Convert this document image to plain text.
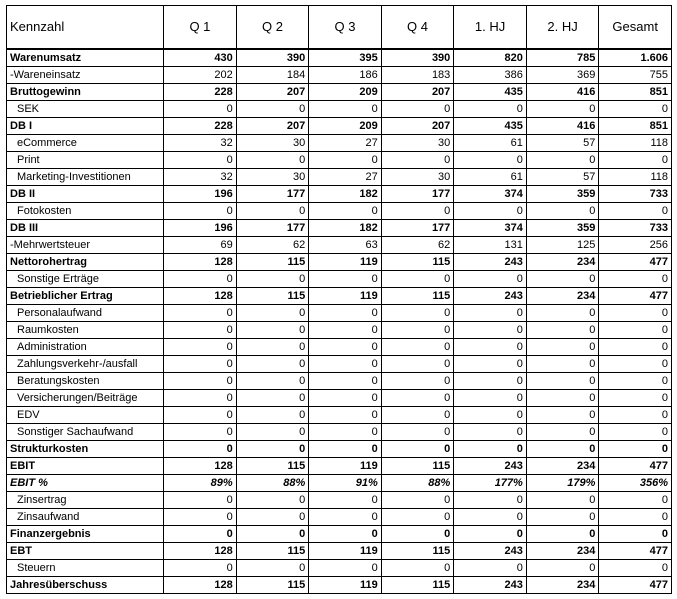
Kennzahl	Q 1	Q 2	Q 3	Q 4	1. HJ	2. HJ	Gesamt
Warenumsatz	430	390	395	390	820	785	1.606
-Wareneinsatz	202	184	186	183	386	369	755
Bruttogewinn	228	207	209	207	435	416	851
SEK	0	0	0	0	0	0	0
DB I	228	207	209	207	435	416	851
eCommerce	32	30	27	30	61	57	118
Print	0	0	0	0	0	0	0
Marketing-Investitionen	32	30	27	30	61	57	118
DB II	196	177	182	177	374	359	733
Fotokosten	0	0	0	0	0	0	0
DB III	196	177	182	177	374	359	733
-Mehrwertsteuer	69	62	63	62	131	125	256
Nettorohertrag	128	115	119	115	243	234	477
Sonstige Erträge	0	0	0	0	0	0	0
Betrieblicher Ertrag	128	115	119	115	243	234	477
Personalaufwand	0	0	0	0	0	0	0
Raumkosten	0	0	0	0	0	0	0
Administration	0	0	0	0	0	0	0
Zahlungsverkehr-/ausfall	0	0	0	0	0	0	0
Beratungskosten	0	0	0	0	0	0	0
Versicherungen/Beiträge	0	0	0	0	0	0	0
EDV	0	0	0	0	0	0	0
Sonstiger Sachaufwand	0	0	0	0	0	0	0
Strukturkosten	0	0	0	0	0	0	0
EBIT	128	115	119	115	243	234	477
EBIT %	89%	88%	91%	88%	177%	179%	356%
Zinsertrag	0	0	0	0	0	0	0
Zinsaufwand	0	0	0	0	0	0	0
Finanzergebnis	0	0	0	0	0	0	0
EBT	128	115	119	115	243	234	477
Steuern	0	0	0	0	0	0	0
Jahresüberschuss	128	115	119	115	243	234	477
